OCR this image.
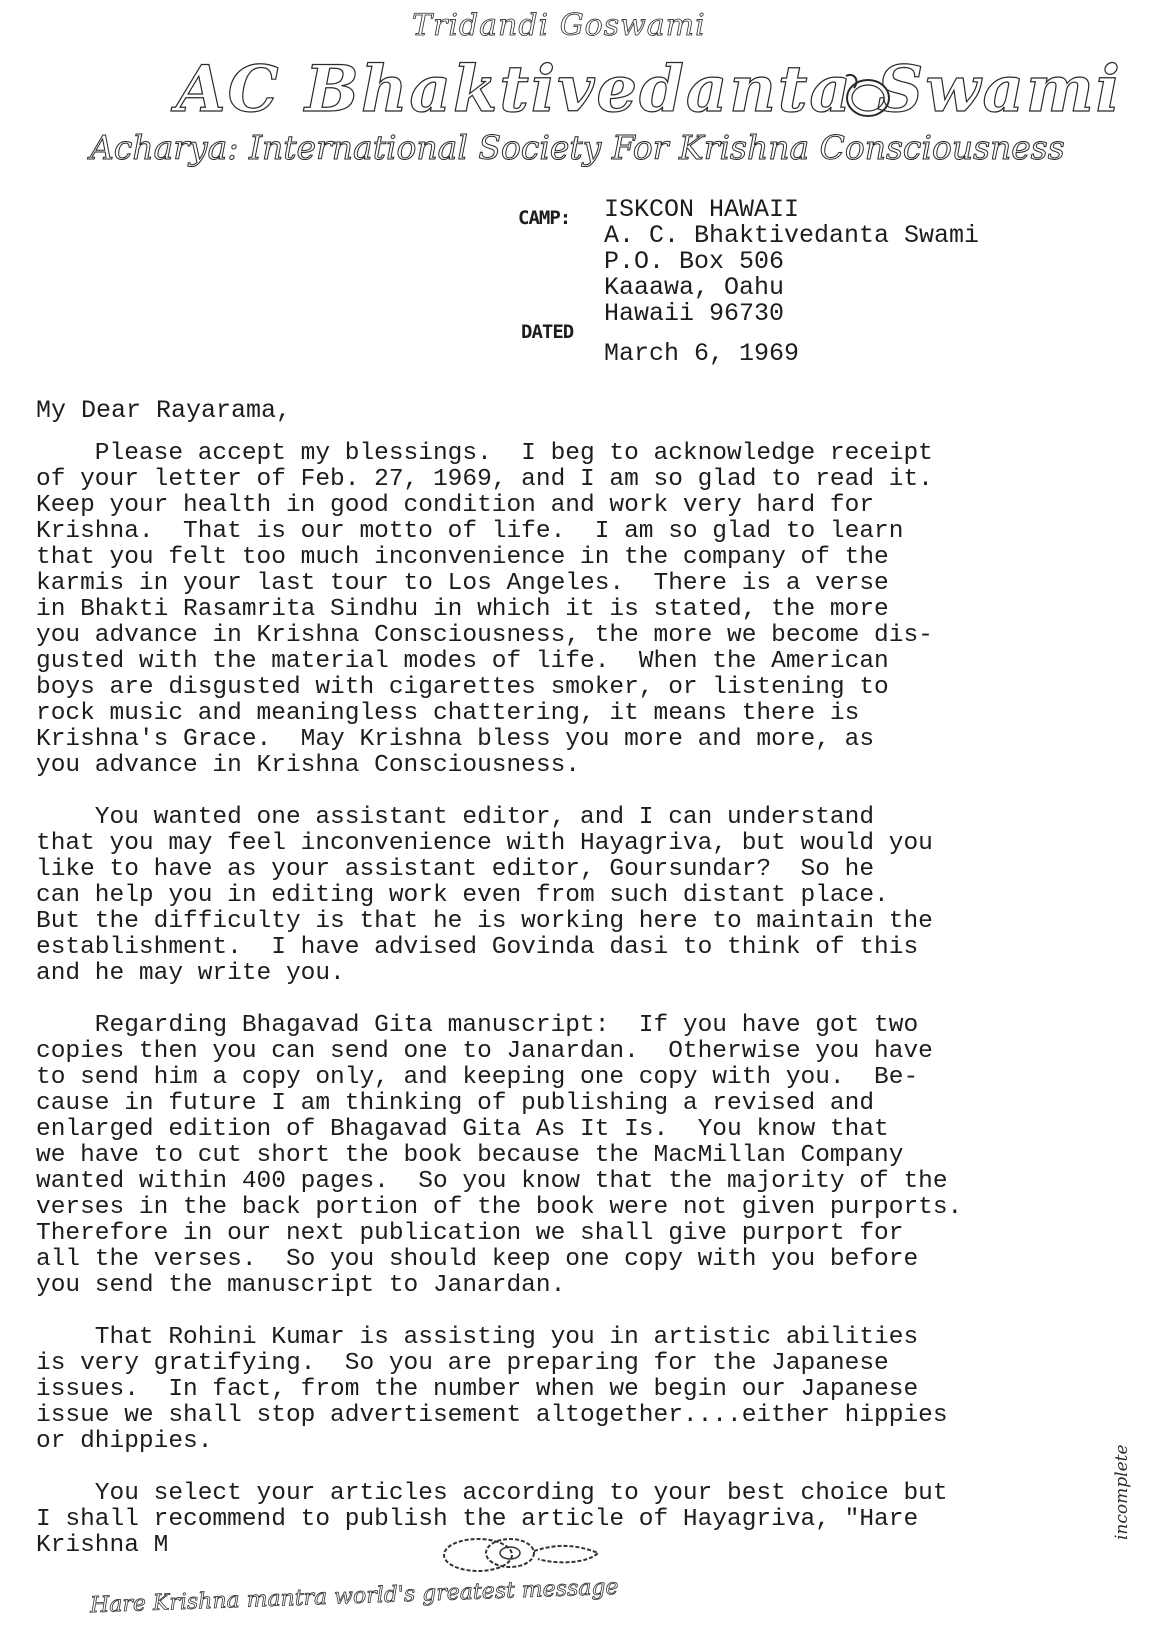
Tridandi Goswami
AC Bhaktivedanta Swami
Acharya: International Society For Krishna Consciousness
CAMP:
DATED
ISKCON HAWAII
A. C. Bhaktivedanta Swami
P.O. Box 506
Kaaawa, Oahu
Hawaii 96730
March 6, 1969
My Dear Rayarama,
Please accept my blessings.  I beg to acknowledge receipt
of your letter of Feb. 27, 1969, and I am so glad to read it.
Keep your health in good condition and work very hard for
Krishna.  That is our motto of life.  I am so glad to learn
that you felt too much inconvenience in the company of the
karmis in your last tour to Los Angeles.  There is a verse
in Bhakti Rasamrita Sindhu in which it is stated, the more
you advance in Krishna Consciousness, the more we become dis-
gusted with the material modes of life.  When the American
boys are disgusted with cigarettes smoker, or listening to
rock music and meaningless chattering, it means there is
Krishna's Grace.  May Krishna bless you more and more, as
you advance in Krishna Consciousness.
You wanted one assistant editor, and I can understand
that you may feel inconvenience with Hayagriva, but would you
like to have as your assistant editor, Goursundar?  So he
can help you in editing work even from such distant place.
But the difficulty is that he is working here to maintain the
establishment.  I have advised Govinda dasi to think of this
and he may write you.
Regarding Bhagavad Gita manuscript:  If you have got two
copies then you can send one to Janardan.  Otherwise you have
to send him a copy only, and keeping one copy with you.  Be-
cause in future I am thinking of publishing a revised and
enlarged edition of Bhagavad Gita As It Is.  You know that
we have to cut short the book because the MacMillan Company
wanted within 400 pages.  So you know that the majority of the
verses in the back portion of the book were not given purports.
Therefore in our next publication we shall give purport for
all the verses.  So you should keep one copy with you before
you send the manuscript to Janardan.
That Rohini Kumar is assisting you in artistic abilities
is very gratifying.  So you are preparing for the Japanese
issues.  In fact, from the number when we begin our Japanese
issue we shall stop advertisement altogether....either hippies
or dhippies.
You select your articles according to your best choice but
I shall recommend to publish the article of Hayagriva, "Hare
Krishna M
Hare Krishna mantra world's greatest message
incomplete
